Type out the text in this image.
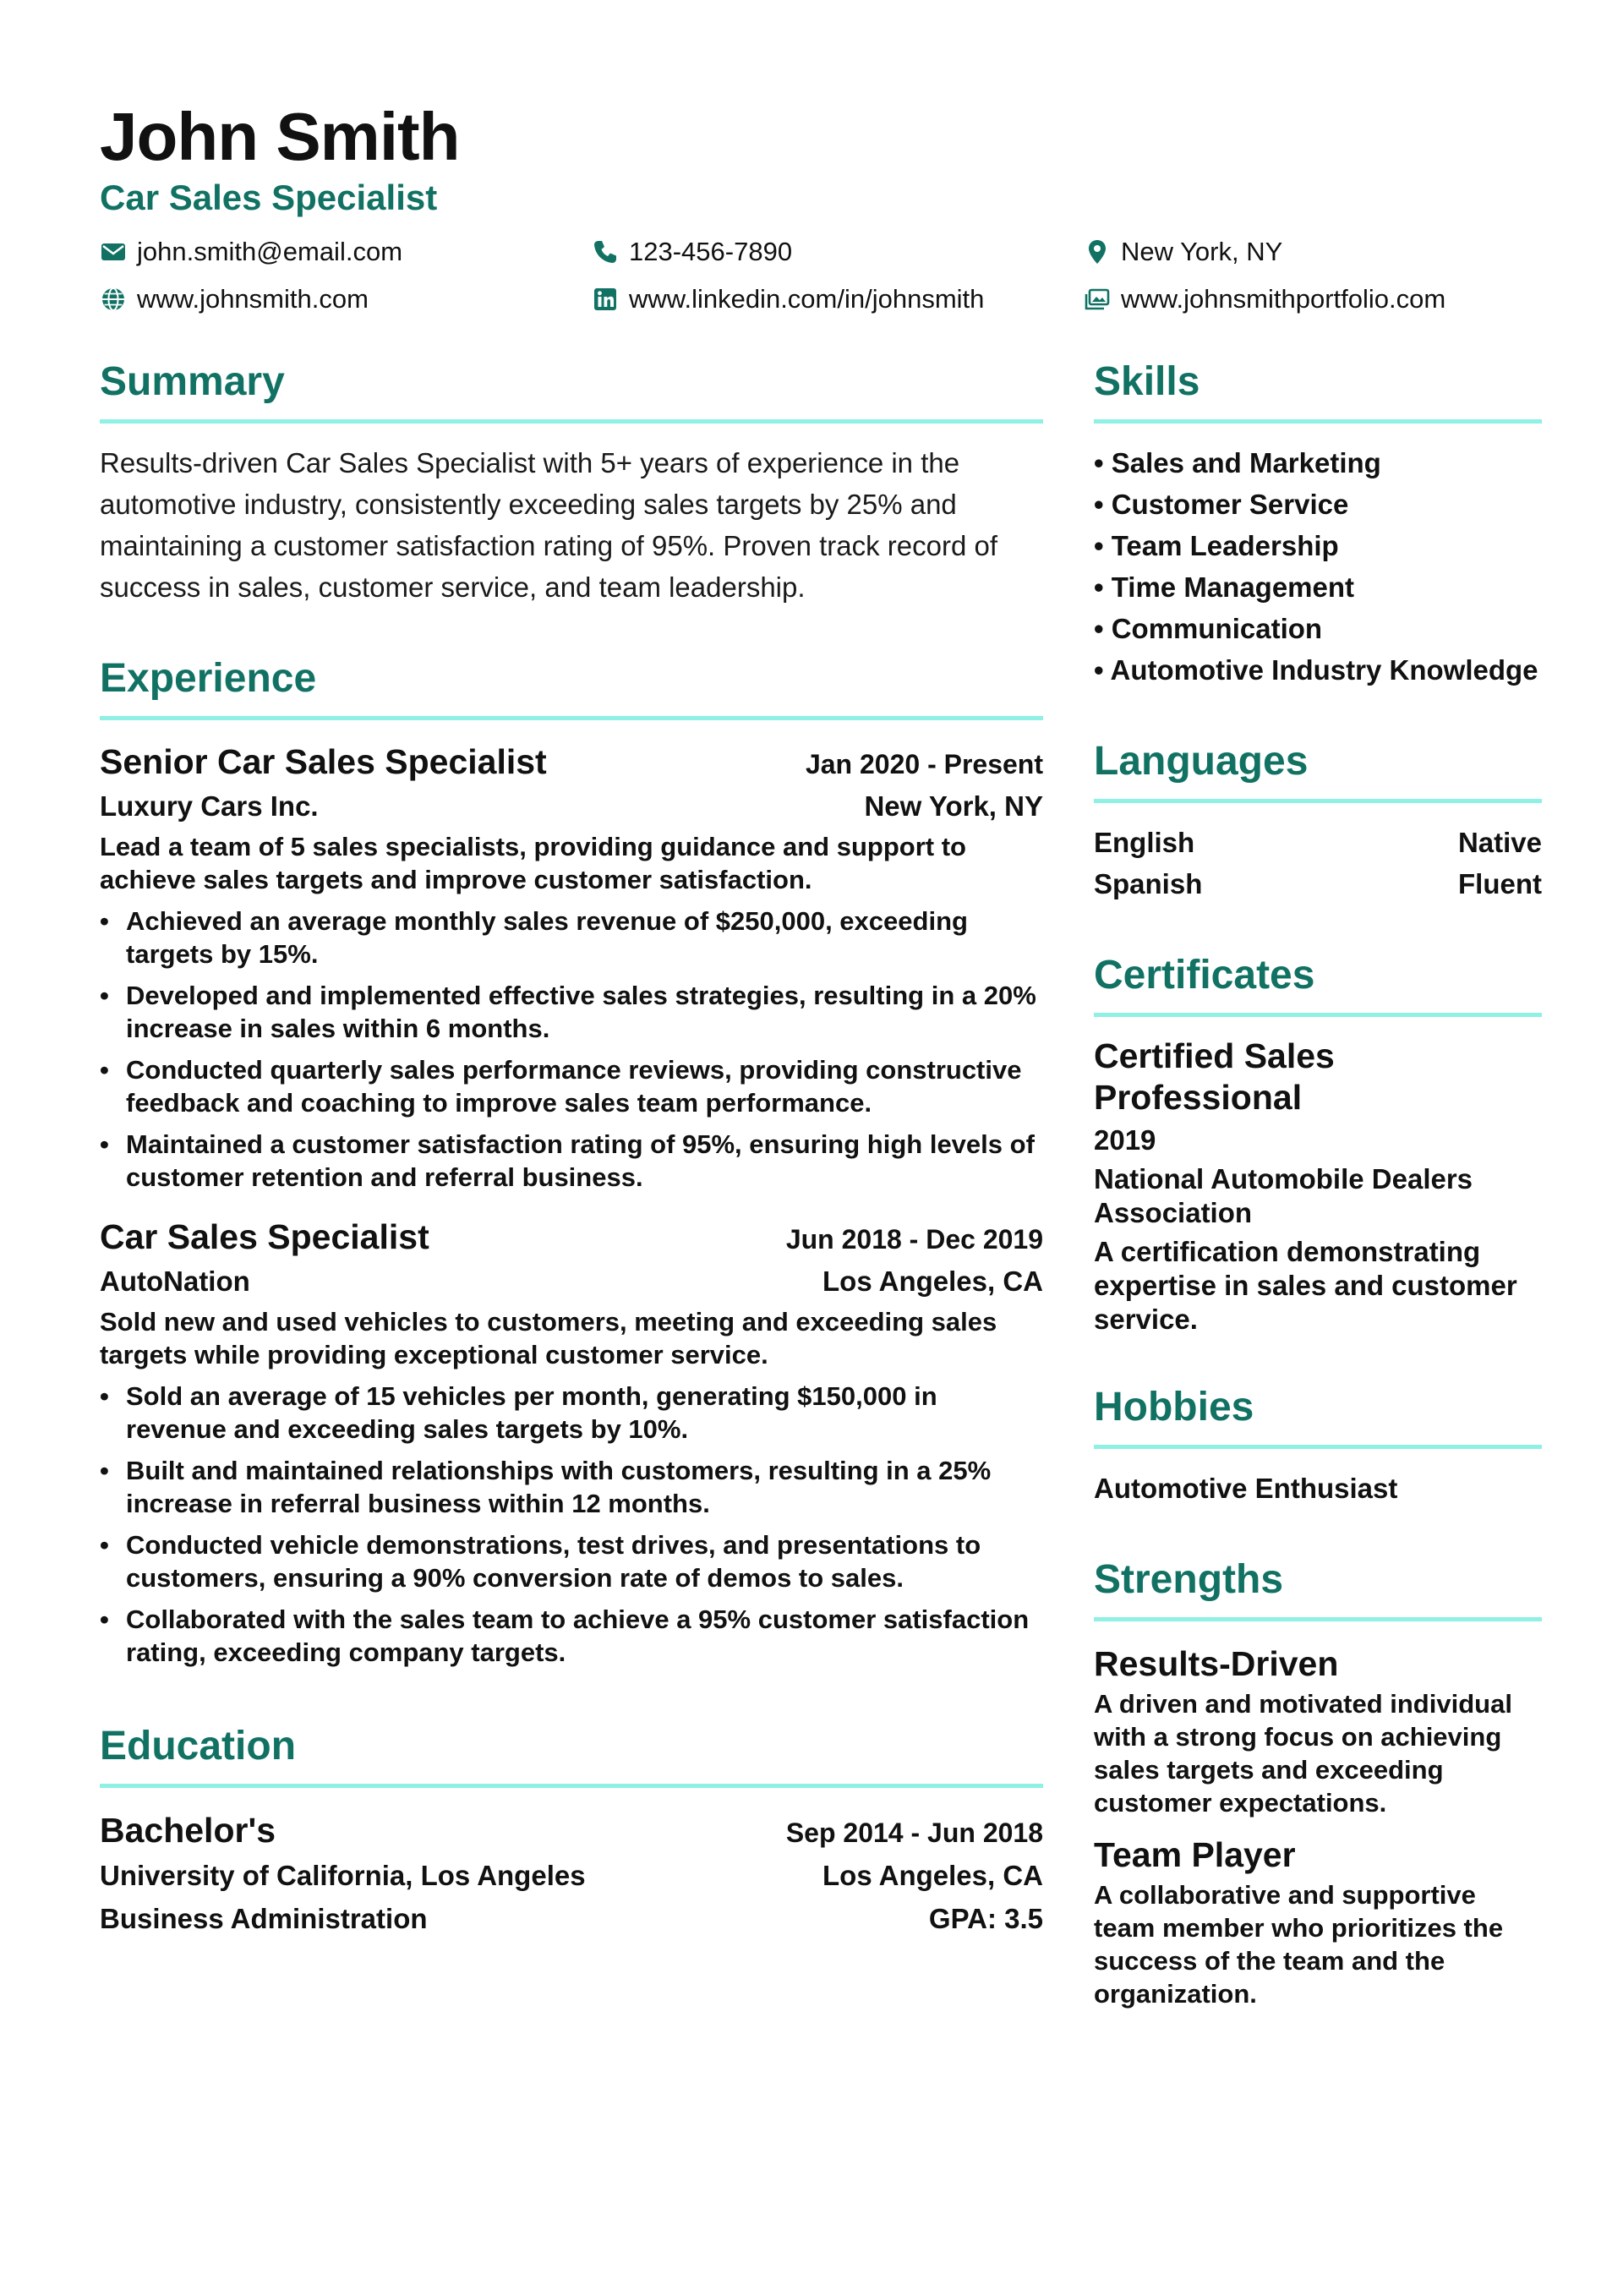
John Smith
Car Sales Specialist
john.smith@email.com	123-456-7890	New York, NY
www.johnsmith.com	www.linkedin.com/in/johnsmith	www.johnsmithportfolio.com
Summary

Results-driven Car Sales Specialist with 5+ years of experience in the automotive industry, consistently exceeding sales targets by 25% and maintaining a customer satisfaction rating of 95%. Proven track record of success in sales, customer service, and team leadership.

Experience
Senior Car Sales Specialist	Jan 2020 - Present
Luxury Cars Inc.	New York, NY

Lead a team of 5 sales specialists, providing guidance and support to achieve sales targets and improve customer satisfaction.

• Achieved an average monthly sales revenue of $250,000, exceeding targets by 15%.
• Developed and implemented effective sales strategies, resulting in a 20% increase in sales within 6 months.
• Conducted quarterly sales performance reviews, providing constructive feedback and coaching to improve sales team performance.
• Maintained a customer satisfaction rating of 95%, ensuring high levels of customer retention and referral business.
Car Sales Specialist	Jun 2018 - Dec 2019
AutoNation	Los Angeles, CA

Sold new and used vehicles to customers, meeting and exceeding sales targets while providing exceptional customer service.

• Sold an average of 15 vehicles per month, generating $150,000 in revenue and exceeding sales targets by 10%.
• Built and maintained relationships with customers, resulting in a 25% increase in referral business within 12 months.
• Conducted vehicle demonstrations, test drives, and presentations to customers, ensuring a 90% conversion rate of demos to sales.
• Collaborated with the sales team to achieve a 95% customer satisfaction rating, exceeding company targets.
Education
Bachelor's	Sep 2014 - Jun 2018
University of California, Los Angeles	Los Angeles, CA
Business Administration	GPA: 3.5
Skills
• Sales and Marketing
• Customer Service
• Team Leadership
• Time Management
• Communication
• Automotive Industry Knowledge
Languages
English	Native
Spanish	Fluent
Certificates
Certified Sales Professional
2019
National Automobile Dealers Association
A certification demonstrating expertise in sales and customer service.
Hobbies
Automotive Enthusiast
Strengths
Results-Driven
A driven and motivated individual with a strong focus on achieving sales targets and exceeding customer expectations.
Team Player
A collaborative and supportive team member who prioritizes the success of the team and the organization.
